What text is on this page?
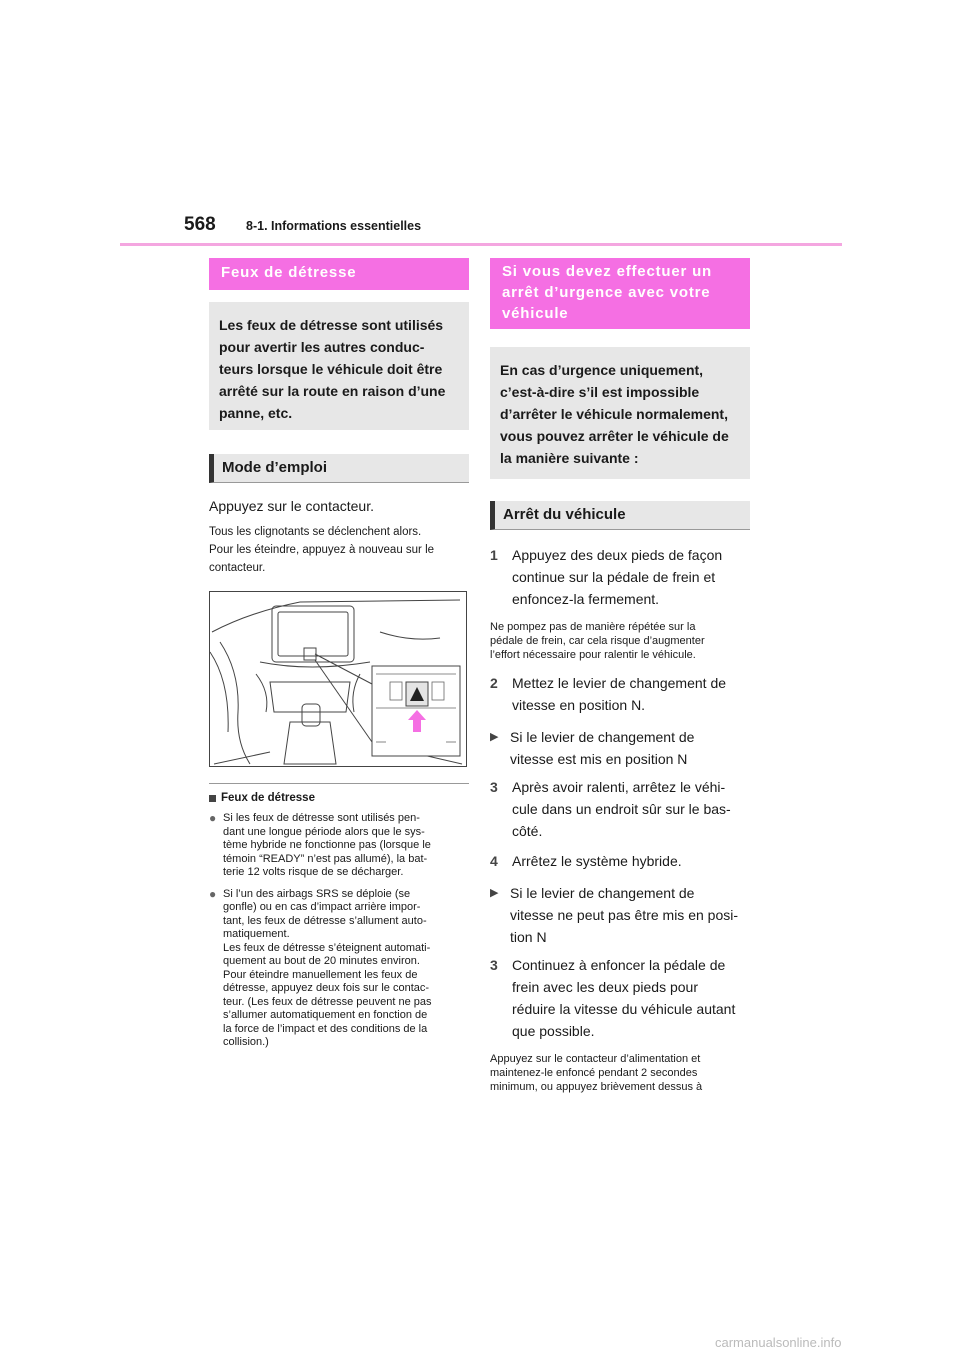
568 8-1. Informations essentielles
Feux de détresse
Les feux de détresse sont utilisés
pour avertir les autres conduc-
teurs lorsque le véhicule doit être
arrêté sur la route en raison d’une
panne, etc.
Mode d’emploi
Appuyez sur le contacteur.
Tous les clignotants se déclenchent alors.
Pour les éteindre, appuyez à nouveau sur le
contacteur.
Feux de détresse
● Si les feux de détresse sont utilisés pen-
dant une longue période alors que le sys-
tème hybride ne fonctionne pas (lorsque le
témoin “READY” n’est pas allumé), la bat-
terie 12 volts risque de se décharger.
● Si l’un des airbags SRS se déploie (se
gonfle) ou en cas d’impact arrière impor-
tant, les feux de détresse s’allument auto-
matiquement.
Les feux de détresse s’éteignent automati-
quement au bout de 20 minutes environ.
Pour éteindre manuellement les feux de
détresse, appuyez deux fois sur le contac-
teur. (Les feux de détresse peuvent ne pas
s’allumer automatiquement en fonction de
la force de l’impact et des conditions de la
collision.)
Si vous devez effectuer un
arrêt d’urgence avec votre
véhicule
En cas d’urgence uniquement,
c’est-à-dire s’il est impossible
d’arrêter le véhicule normalement,
vous pouvez arrêter le véhicule de
la manière suivante :
Arrêt du véhicule
1	Appuyez des deux pieds de façon
continue sur la pédale de frein et
enfoncez-la fermement.
Ne pompez pas de manière répétée sur la
pédale de frein, car cela risque d’augmenter
l’effort nécessaire pour ralentir le véhicule.
2	Mettez le levier de changement de
vitesse en position N.
▶ Si le levier de changement de
vitesse est mis en position N
3	Après avoir ralenti, arrêtez le véhi-
cule dans un endroit sûr sur le bas-
côté.
4	Arrêtez le système hybride.
▶ Si le levier de changement de
vitesse ne peut pas être mis en posi-
tion N
3	Continuez à enfoncer la pédale de
frein avec les deux pieds pour
réduire la vitesse du véhicule autant
que possible.
Appuyez sur le contacteur d’alimentation et
maintenez-le enfoncé pendant 2 secondes
minimum, ou appuyez brièvement dessus à
carmanualsonline.info
